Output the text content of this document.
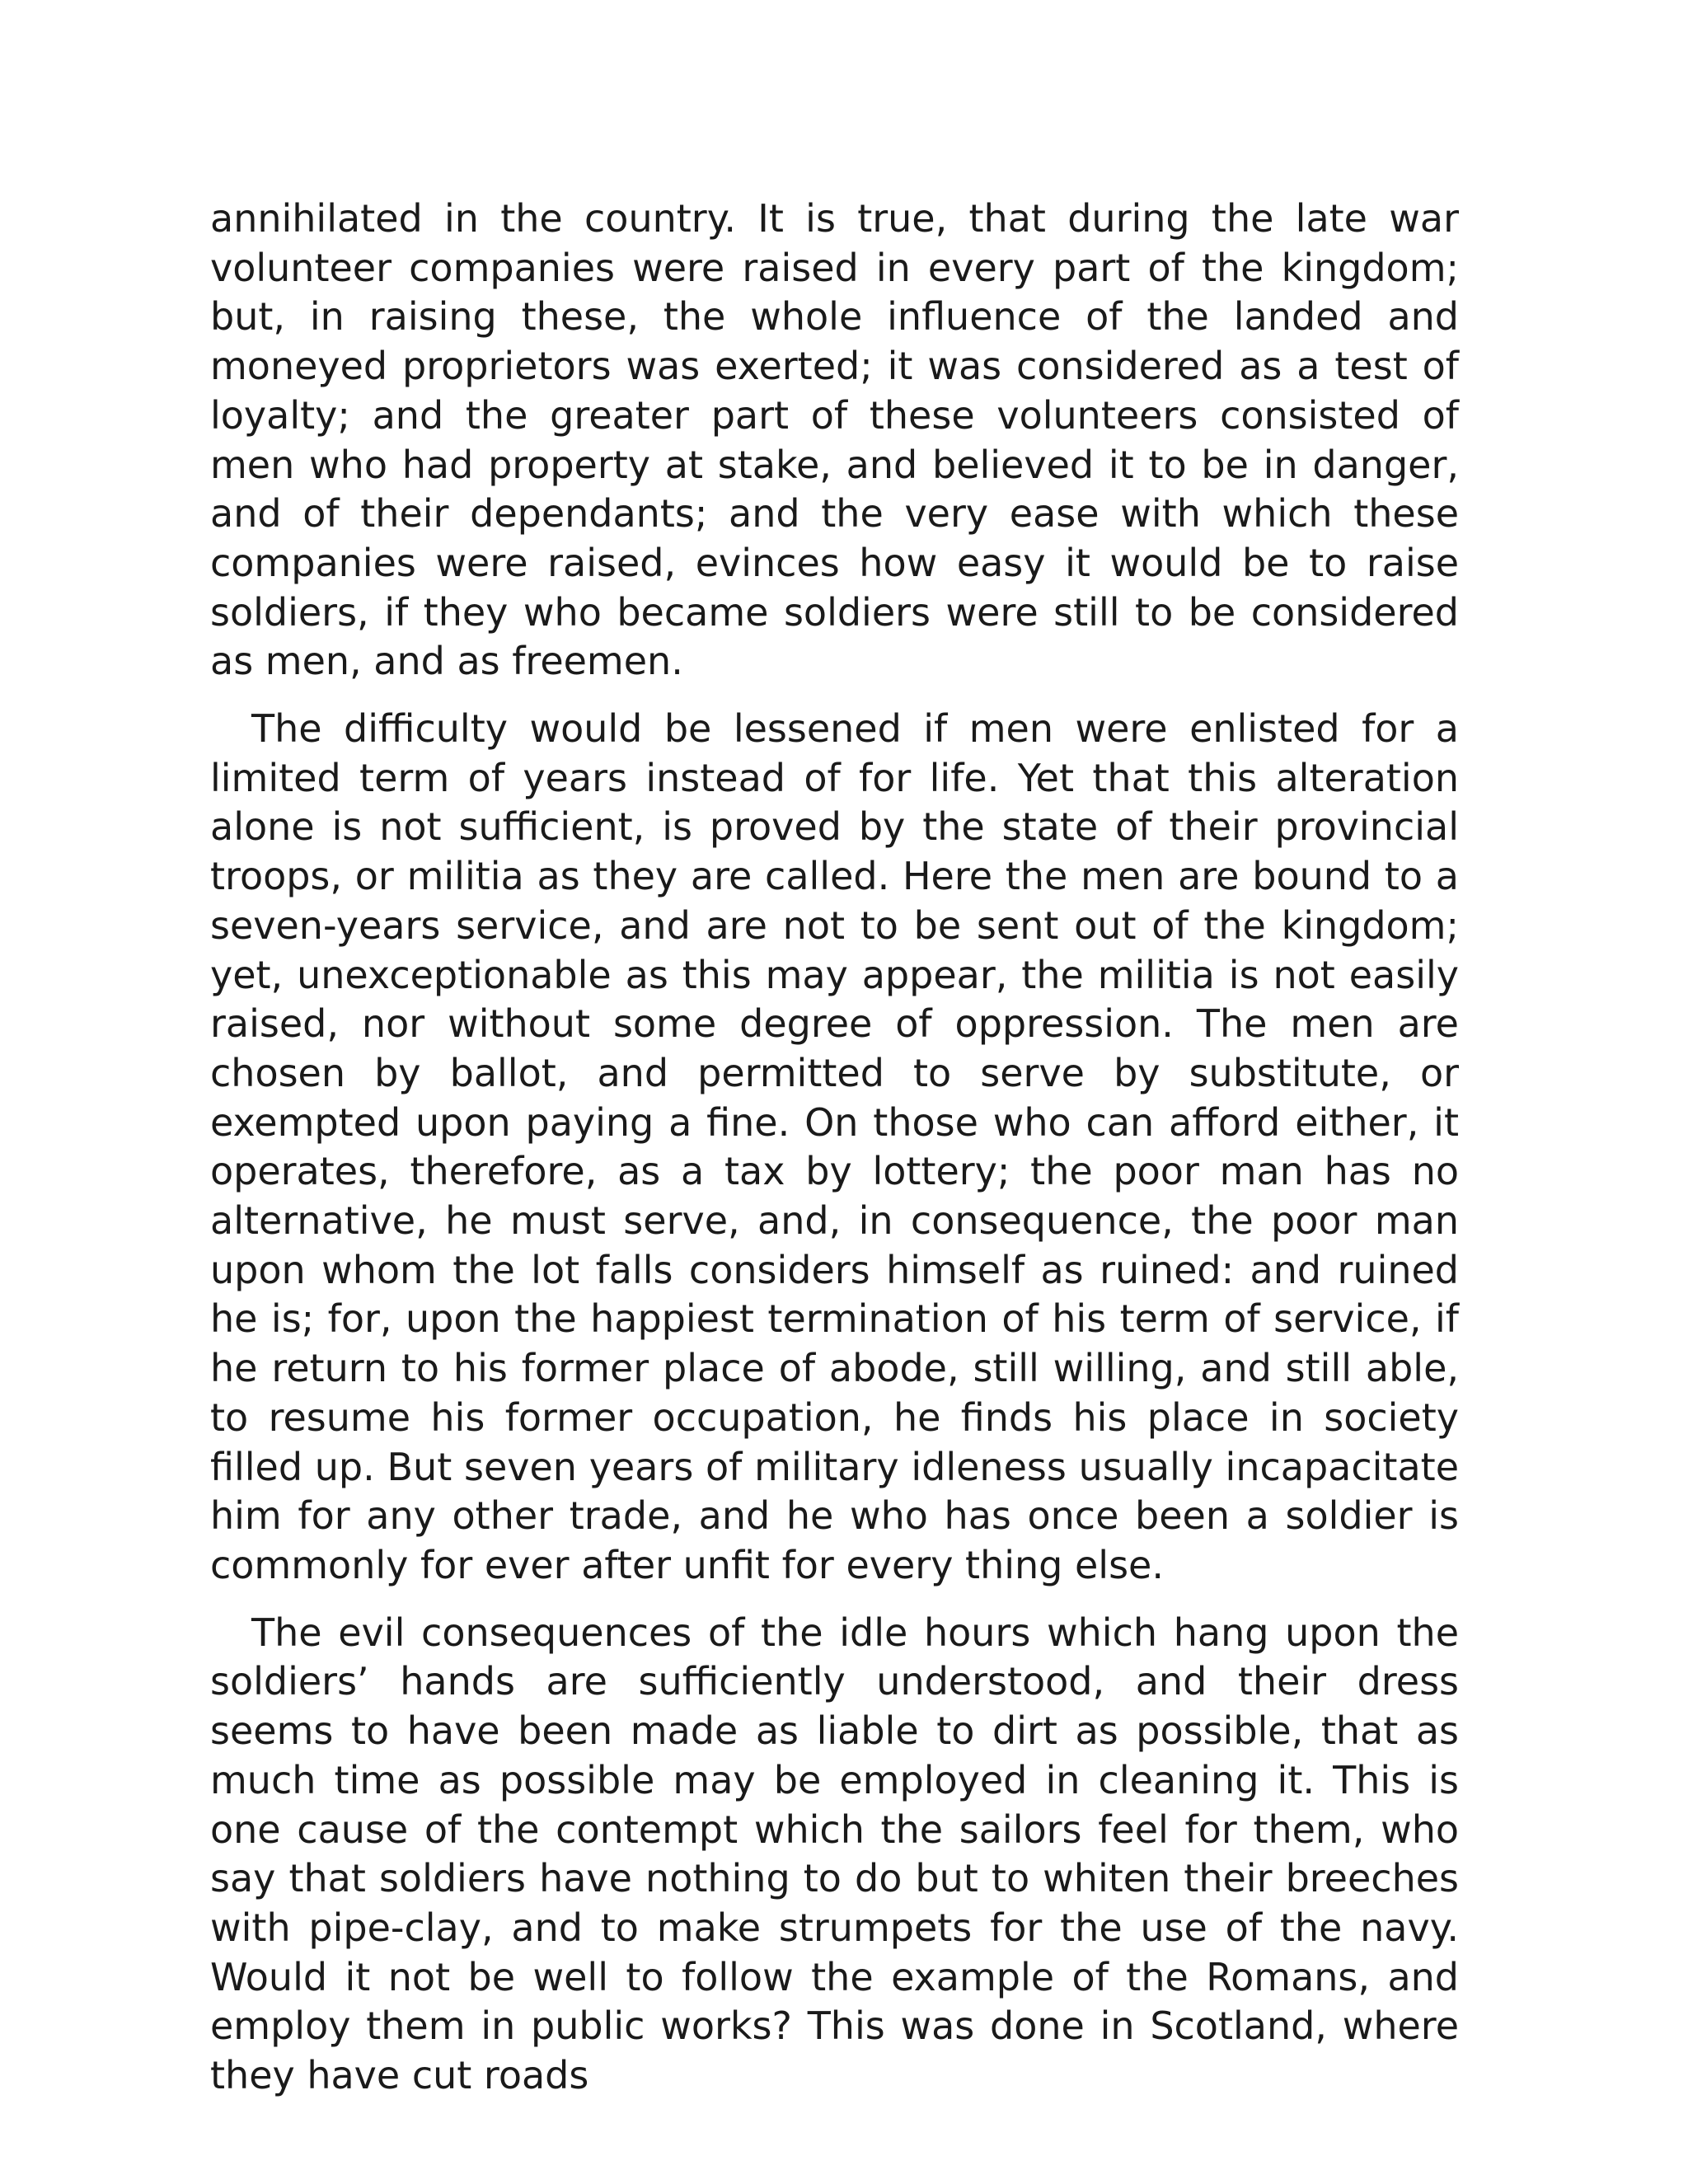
annihilated in the country. It is true, that during the late war volunteer companies were raised in every part of the kingdom; but, in raising these, the whole influence of the landed and moneyed proprietors was exerted; it was considered as a test of loyalty; and the greater part of these volunteers consisted of men who had property at stake, and believed it to be in danger, and of their dependants; and the very ease with which these companies were raised, evinces how easy it would be to raise soldiers, if they who became soldiers were still to be considered as men, and as freemen.

The difficulty would be lessened if men were enlisted for a limited term of years instead of for life. Yet that this alteration alone is not sufficient, is proved by the state of their provincial troops, or militia as they are called. Here the men are bound to a seven-years service, and are not to be sent out of the kingdom; yet, unexceptionable as this may appear, the militia is not easily raised, nor without some degree of oppression. The men are chosen by ballot, and permitted to serve by substitute, or exempted upon paying a fine. On those who can afford either, it operates, therefore, as a tax by lottery; the poor man has no alternative, he must serve, and, in consequence, the poor man upon whom the lot falls considers himself as ruined: and ruined he is; for, upon the happiest termination of his term of service, if he return to his former place of abode, still willing, and still able, to resume his former occupation, he finds his place in society filled up. But seven years of military idleness usually incapacitate him for any other trade, and he who has once been a soldier is commonly for ever after unfit for every thing else.

The evil consequences of the idle hours which hang upon the soldiers’ hands are sufficiently understood, and their dress seems to have been made as liable to dirt as possible, that as much time as possible may be employed in cleaning it. This is one cause of the contempt which the sailors feel for them, who say that soldiers have nothing to do but to whiten their breeches with pipe-clay, and to make strumpets for the use of the navy. Would it not be well to follow the example of the Romans, and employ them in public works? This was done in Scotland, where they have cut roads
